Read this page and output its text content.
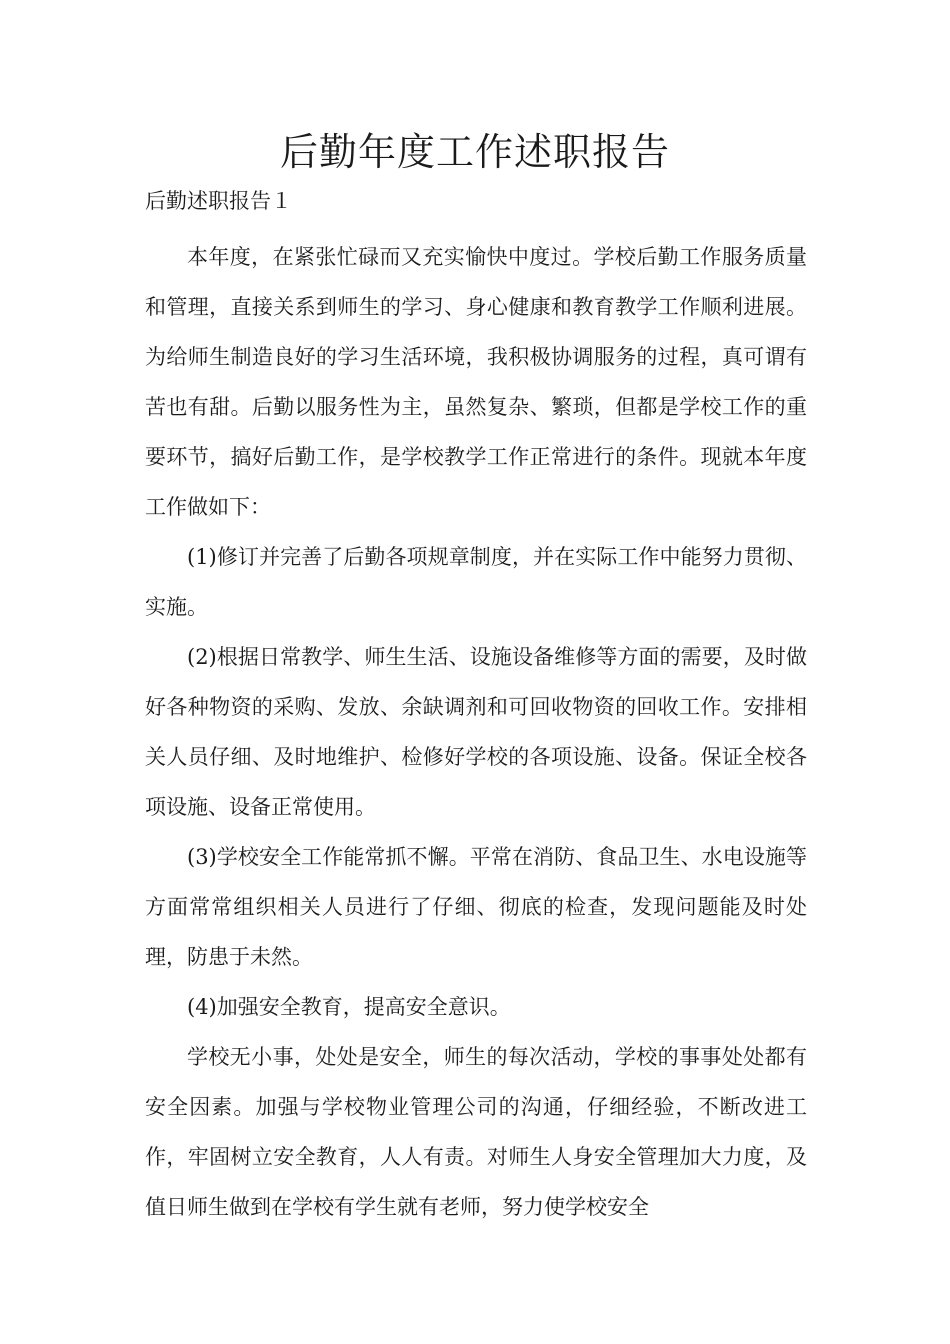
后勤年度工作述职报告

后勤述职报告１

本年度，在紧张忙碌而又充实愉快中度过。学校后勤工作服务质量和管理，直接关系到师生的学习、身心健康和教育教学工作顺利进展。为给师生制造良好的学习生活环境，我积极协调服务的过程，真可谓有苦也有甜。后勤以服务性为主，虽然复杂、繁琐，但都是学校工作的重要环节，搞好后勤工作，是学校教学工作正常进行的条件。现就本年度工作做如下：

(1)修订并完善了后勤各项规章制度，并在实际工作中能努力贯彻、实施。

(2)根据日常教学、师生生活、设施设备维修等方面的需要，及时做好各种物资的采购、发放、余缺调剂和可回收物资的回收工作。安排相关人员仔细、及时地维护、检修好学校的各项设施、设备。保证全校各项设施、设备正常使用。

(3)学校安全工作能常抓不懈。平常在消防、食品卫生、水电设施等方面常常组织相关人员进行了仔细、彻底的检查，发现问题能及时处理，防患于未然。

(4)加强安全教育，提高安全意识。

学校无小事，处处是安全，师生的每次活动，学校的事事处处都有安全因素。加强与学校物业管理公司的沟通，仔细经验，不断改进工作，牢固树立安全教育，人人有责。对师生人身安全管理加大力度，及值日师生做到在学校有学生就有老师，努力使学校安全
